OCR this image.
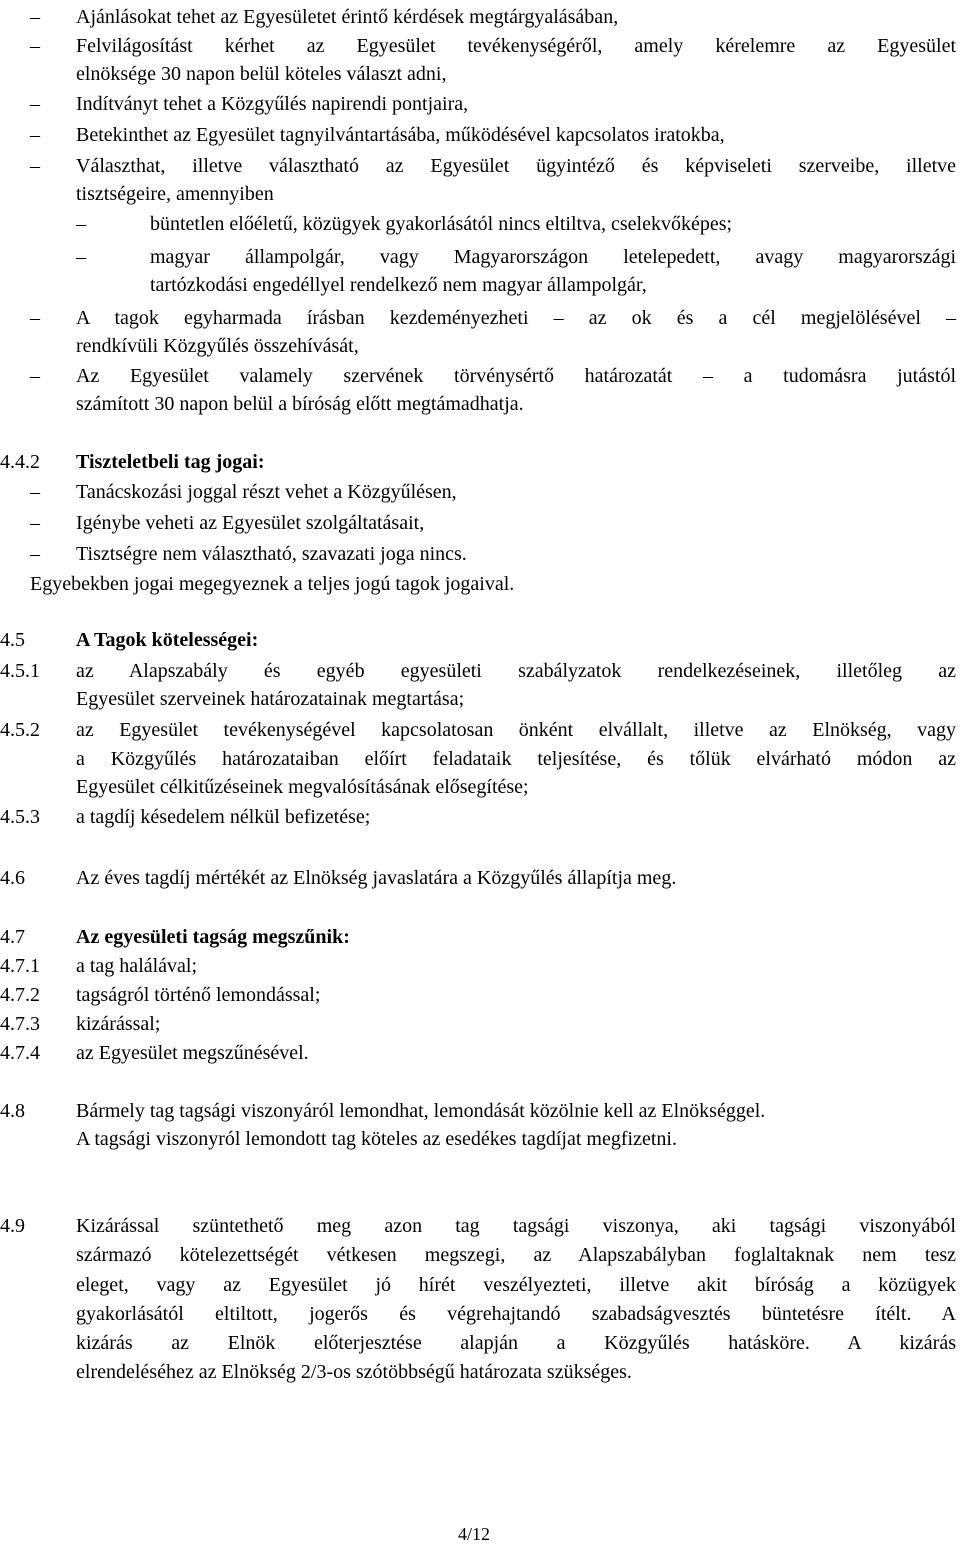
– Ajánlásokat tehet az Egyesületet érintő kérdések megtárgyalásában,
– Felvilágosítást kérhet az Egyesület tevékenységéről, amely kérelemre az Egyesület
elnöksége 30 napon belül köteles választ adni,
– Indítványt tehet a Közgyűlés napirendi pontjaira,
– Betekinthet az Egyesület tagnyilvántartásába, működésével kapcsolatos iratokba,
– Választhat, illetve választható az Egyesület ügyintéző és képviseleti szerveibe, illetve
tisztségeire, amennyiben
–	büntetlen előéletű, közügyek gyakorlásától nincs eltiltva, cselekvőképes;
–	magyar állampolgár, vagy Magyarországon letelepedett, avagy magyarországi
tartózkodási engedéllyel rendelkező nem magyar állampolgár,
– A tagok egyharmada írásban kezdeményezheti – az ok és a cél megjelölésével –
rendkívüli Közgyűlés összehívását,
– Az Egyesület valamely szervének törvénysértő határozatát – a tudomásra jutástól
számított 30 napon belül a bíróság előtt megtámadhatja.
4.4.2 Tiszteletbeli tag jogai:
– Tanácskozási joggal részt vehet a Közgyűlésen,
– Igénybe veheti az Egyesület szolgáltatásait,
– Tisztségre nem választható, szavazati joga nincs.
Egyebekben jogai megegyeznek a teljes jogú tagok jogaival.
4.5	A Tagok kötelességei:
4.5.1 az Alapszabály és egyéb egyesületi szabályzatok rendelkezéseinek, illetőleg az
Egyesület szerveinek határozatainak megtartása;
4.5.2 az Egyesület tevékenységével kapcsolatosan önként elvállalt, illetve az Elnökség, vagy
a Közgyűlés határozataiban előírt feladataik teljesítése, és tőlük elvárható módon az
Egyesület célkitűzéseinek megvalósításának elősegítése;
4.5.3 a tagdíj késedelem nélkül befizetése;
4.6	Az éves tagdíj mértékét az Elnökség javaslatára a Közgyűlés állapítja meg.
4.7	Az egyesületi tagság megszűnik:
4.7.1 a tag halálával;
4.7.2 tagságról történő lemondással;
4.7.3 kizárással;
4.7.4 az Egyesület megszűnésével.
4.8	Bármely tag tagsági viszonyáról lemondhat, lemondását közölnie kell az Elnökséggel.
A tagsági viszonyról lemondott tag köteles az esedékes tagdíjat megfizetni.
4.9	Kizárással szüntethető meg azon tag tagsági viszonya, aki tagsági viszonyából
származó kötelezettségét vétkesen megszegi, az Alapszabályban foglaltaknak nem tesz
eleget, vagy az Egyesület jó hírét veszélyezteti, illetve akit bíróság a közügyek
gyakorlásától eltiltott, jogerős és végrehajtandó szabadságvesztés büntetésre ítélt. A
kizárás az Elnök előterjesztése alapján a Közgyűlés hatásköre. A kizárás
elrendeléséhez az Elnökség 2/3-os szótöbbségű határozata szükséges.
4/12
